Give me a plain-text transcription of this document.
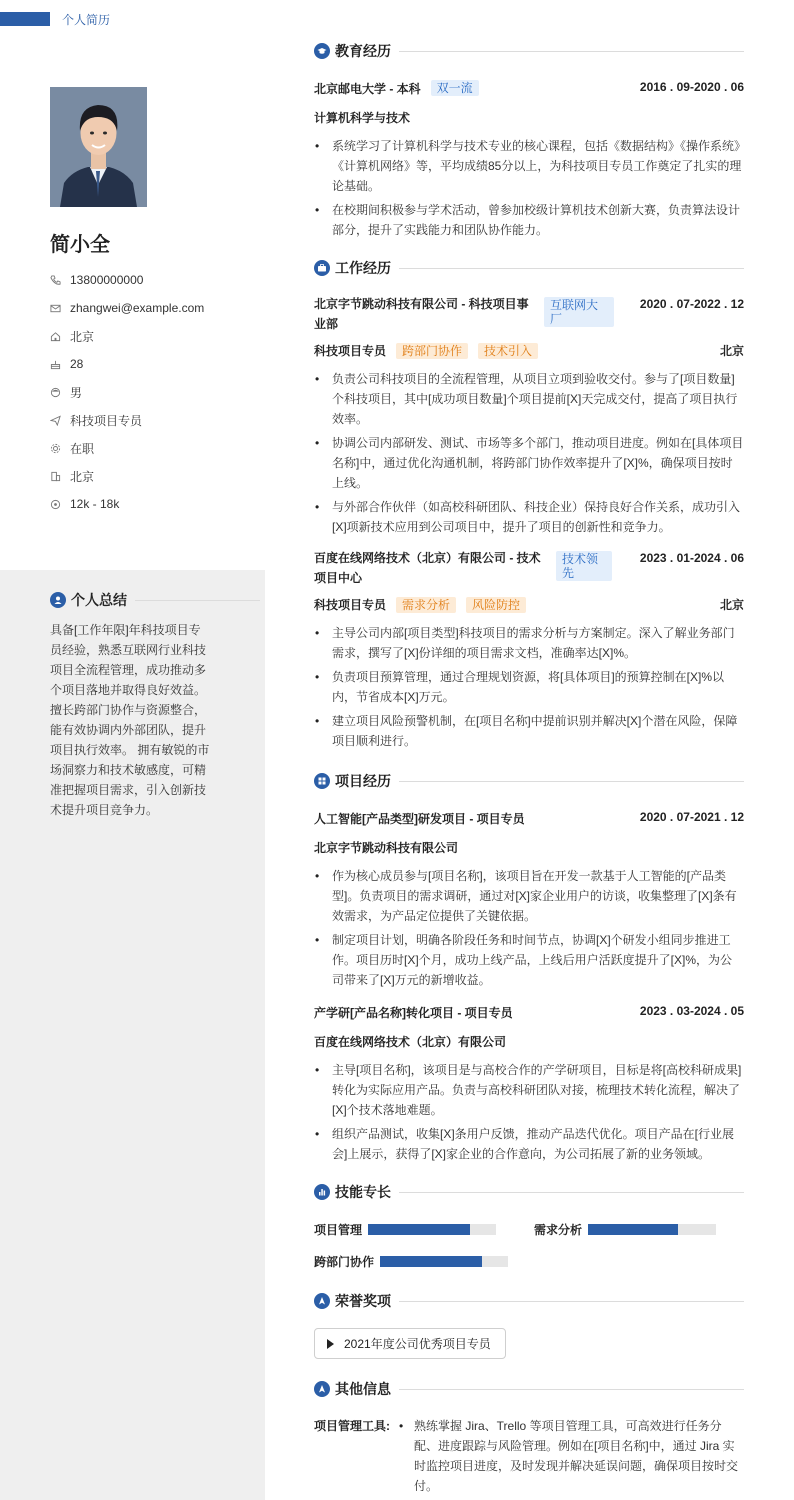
个人简历
简小全
13800000000
zhangwei@example.com
北京
28
男
科技项目专员
在职
北京
12k - 18k
个人总结
具备[工作年限]年科技项目专员经验，熟悉互联网行业科技项目全流程管理，成功推动多个项目落地并取得良好效益。擅长跨部门协作与资源整合，能有效协调内外部团队，提升项目执行效率。 拥有敏锐的市场洞察力和技术敏感度，可精准把握项目需求，引入创新技术提升项目竞争力。
教育经历
北京邮电大学 - 本科	双一流	2016 . 09-2020 . 06
计算机科学与技术
• 系统学习了计算机科学与技术专业的核心课程，包括《数据结构》《操作系统》《计算机网络》等，平均成绩85分以上，为科技项目专员工作奠定了扎实的理论基础。
• 在校期间积极参与学术活动，曾参加校级计算机技术创新大赛，负责算法设计部分，提升了实践能力和团队协作能力。
工作经历
北京字节跳动科技有限公司 - 科技项目事业部
互联网大厂
2020 . 07-2022 . 12
科技项目专员	跨部门协作	技术引入	北京
• 负责公司科技项目的全流程管理，从项目立项到验收交付。参与了[项目数量]个科技项目，其中[成功项目数量]个项目提前[X]天完成交付，提高了项目执行效率。
• 协调公司内部研发、测试、市场等多个部门，推动项目进度。例如在[具体项目名称]中，通过优化沟通机制，将跨部门协作效率提升了[X]%，确保项目按时上线。
• 与外部合作伙伴（如高校科研团队、科技企业）保持良好合作关系，成功引入[X]项新技术应用到公司项目中，提升了项目的创新性和竞争力。
百度在线网络技术（北京）有限公司 - 技术项目中心
技术领先
2023 . 01-2024 . 06
科技项目专员	需求分析	风险防控	北京
• 主导公司内部[项目类型]科技项目的需求分析与方案制定。深入了解业务部门需求，撰写了[X]份详细的项目需求文档，准确率达[X]%。
• 负责项目预算管理，通过合理规划资源，将[具体项目]的预算控制在[X]%以内，节省成本[X]万元。
• 建立项目风险预警机制，在[项目名称]中提前识别并解决[X]个潜在风险，保障项目顺利进行。
项目经历
人工智能[产品类型]研发项目 - 项目专员	2020 . 07-2021 . 12
北京字节跳动科技有限公司
• 作为核心成员参与[项目名称]，该项目旨在开发一款基于人工智能的[产品类型]。负责项目的需求调研，通过对[X]家企业用户的访谈，收集整理了[X]条有效需求，为产品定位提供了关键依据。
• 制定项目计划，明确各阶段任务和时间节点，协调[X]个研发小组同步推进工作。项目历时[X]个月，成功上线产品，上线后用户活跃度提升了[X]%，为公司带来了[X]万元的新增收益。
产学研[产品名称]转化项目 - 项目专员	2023 . 03-2024 . 05
百度在线网络技术（北京）有限公司
• 主导[项目名称]，该项目是与高校合作的产学研项目，目标是将[高校科研成果]转化为实际应用产品。负责与高校科研团队对接，梳理技术转化流程，解决了[X]个技术落地难题。
• 组织产品测试，收集[X]条用户反馈，推动产品迭代优化。项目产品在[行业展会]上展示，获得了[X]家企业的合作意向，为公司拓展了新的业务领域。
技能专长
项目管理	需求分析
跨部门协作
荣誉奖项
2021年度公司优秀项目专员
其他信息
项目管理工具:
•	熟练掌握 Jira、Trello 等项目管理工具，可高效进行任务分配、进度跟踪与风险管理。例如在[项目名称]中，通过 Jira 实时监控项目进度，及时发现并解决延误问题，确保项目按时交付。
